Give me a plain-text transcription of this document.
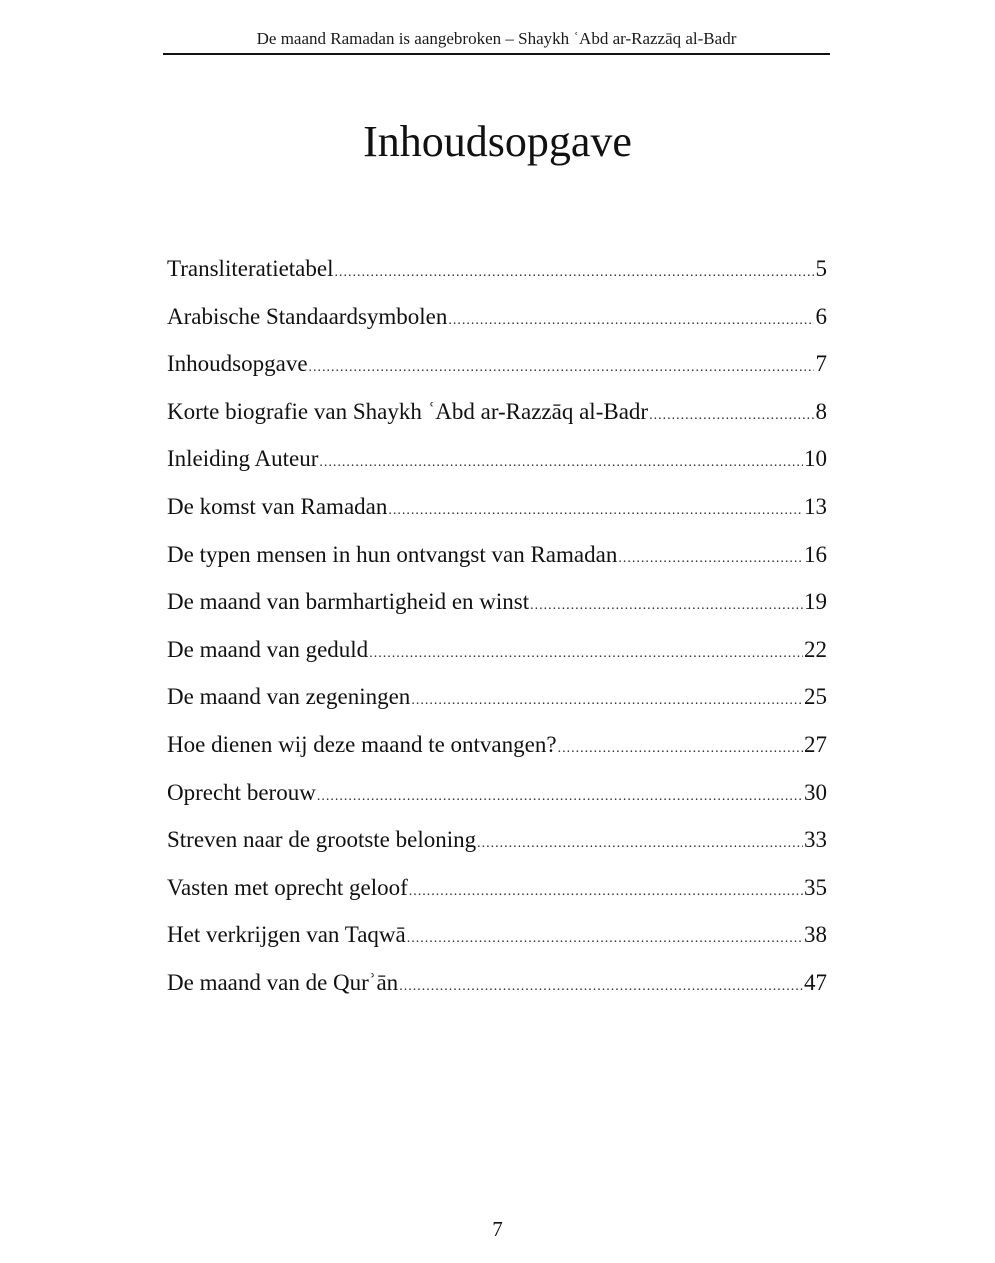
De maand Ramadan is aangebroken – Shaykh ʿAbd ar-Razzāq al-Badr
Inhoudsopgave
Transliteratietabel .....	5
Arabische Standaardsymbolen .....	6
Inhoudsopgave .....	7
Korte biografie van Shaykh ʿAbd ar-Razzāq al-Badr .....	8
Inleiding Auteur .....	10
De komst van Ramadan .....	13
De typen mensen in hun ontvangst van Ramadan .....	16
De maand van barmhartigheid en winst .....	19
De maand van geduld .....	22
De maand van zegeningen .....	25
Hoe dienen wij deze maand te ontvangen? .....	27
Oprecht berouw .....	30
Streven naar de grootste beloning .....	33
Vasten met oprecht geloof .....	35
Het verkrijgen van Taqwā .....	38
De maand van de Qurʾān .....	47
7
